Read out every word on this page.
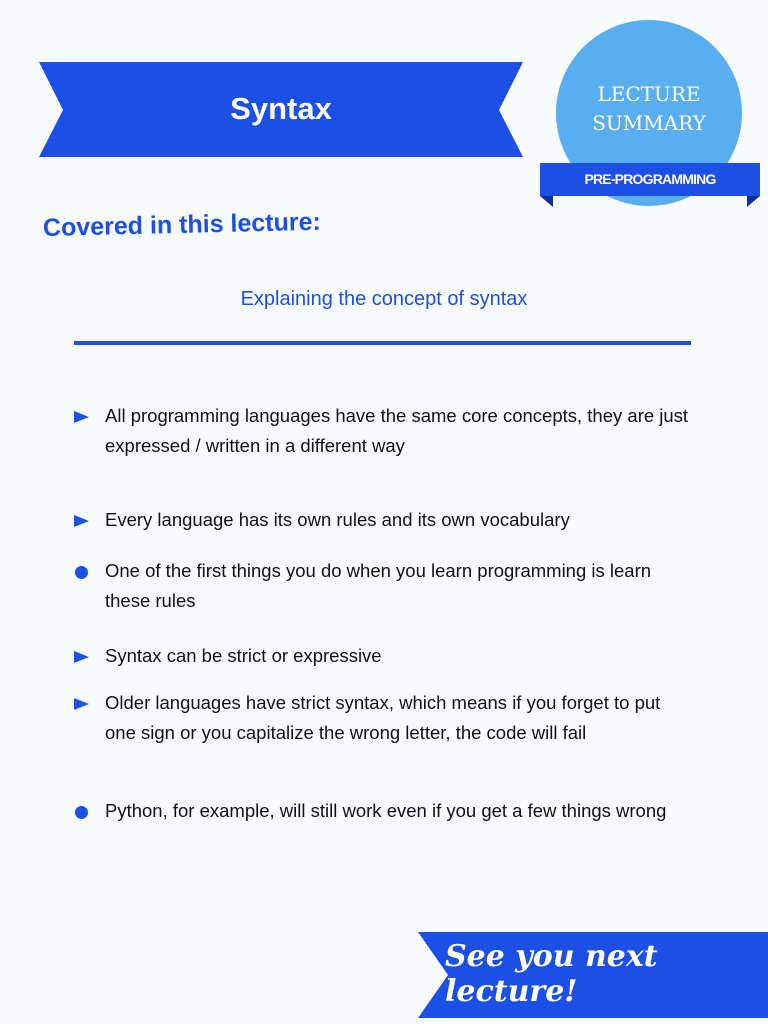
Syntax	LECTURE
SUMMARY
PRE-PROGRAMMING
Covered in this lecture:
Explaining the concept of syntax
All programming languages have the same core concepts, they are just expressed / written in a different way
Every language has its own rules and its own vocabulary
One of the first things you do when you learn programming is learn these rules
Syntax can be strict or expressive
Older languages have strict syntax, which means if you forget to put one sign or you capitalize the wrong letter, the code will fail
Python, for example, will still work even if you get a few things wrong
See you next lecture!
